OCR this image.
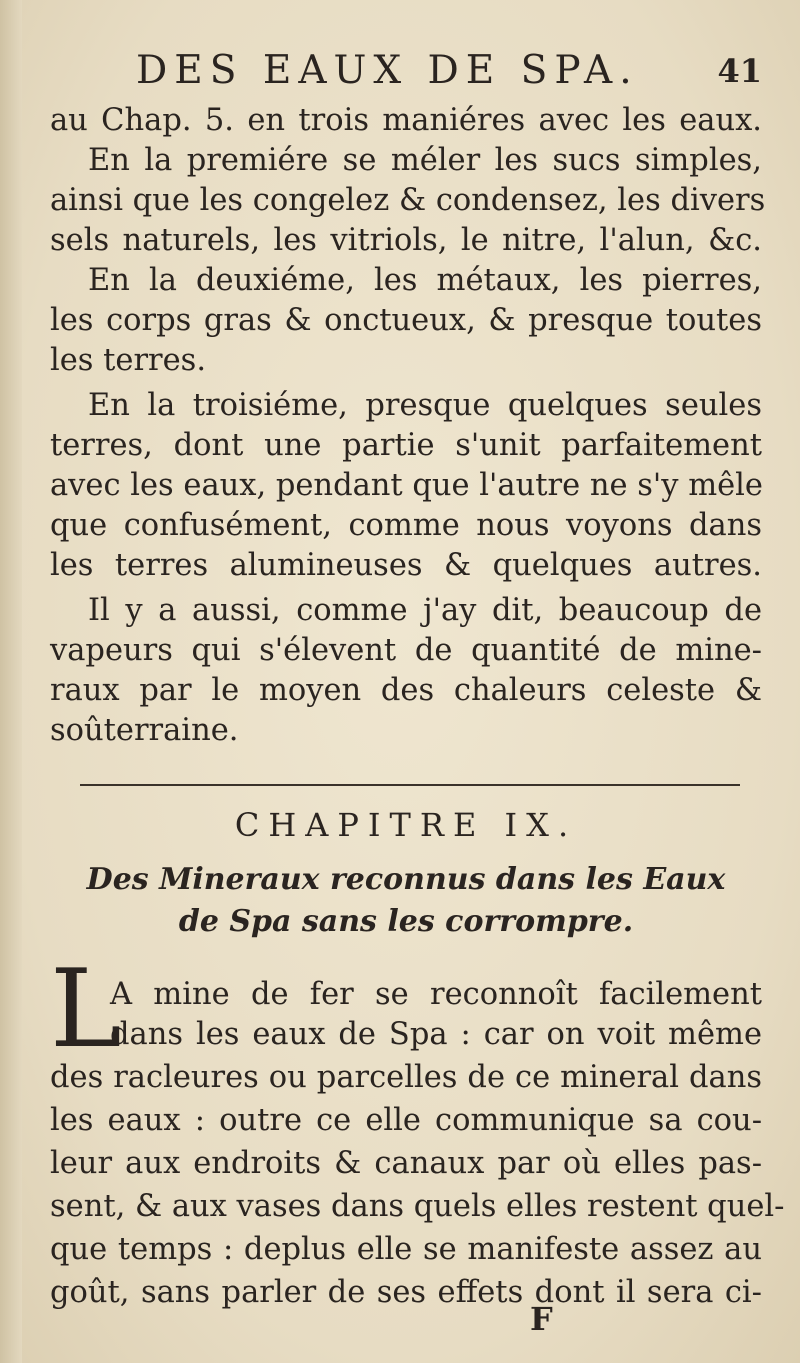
DES EAUX DE SPA. 41
au Chap. 5. en trois maniéres avec les eaux.
En la premiére se méler les sucs simples,
ainsi que les congelez & condensez, les divers
sels naturels, les vitriols, le nitre, l'alun, &c.
En la deuxiéme, les métaux, les pierres,
les corps gras & onctueux, & presque toutes
les terres.
En la troisiéme, presque quelques seules
terres, dont une partie s'unit parfaitement
avec les eaux, pendant que l'autre ne s'y mêle
que confusément, comme nous voyons dans
les terres alumineuses & quelques autres.
Il y a aussi, comme j'ay dit, beaucoup de
vapeurs qui s'élevent de quantité de mine-
raux par le moyen des chaleurs celeste &
soûterraine.
CHAPITRE IX.
Des Mineraux reconnus dans les Eaux
de Spa sans les corrompre.
L
A mine de fer se reconnoît facilement
dans les eaux de Spa : car on voit même
des racleures ou parcelles de ce mineral dans
les eaux : outre ce elle communique sa cou-
leur aux endroits & canaux par où elles pas-
sent, & aux vases dans quels elles restent quel-
que temps : deplus elle se manifeste assez au
goût, sans parler de ses effets dont il sera ci-
F
